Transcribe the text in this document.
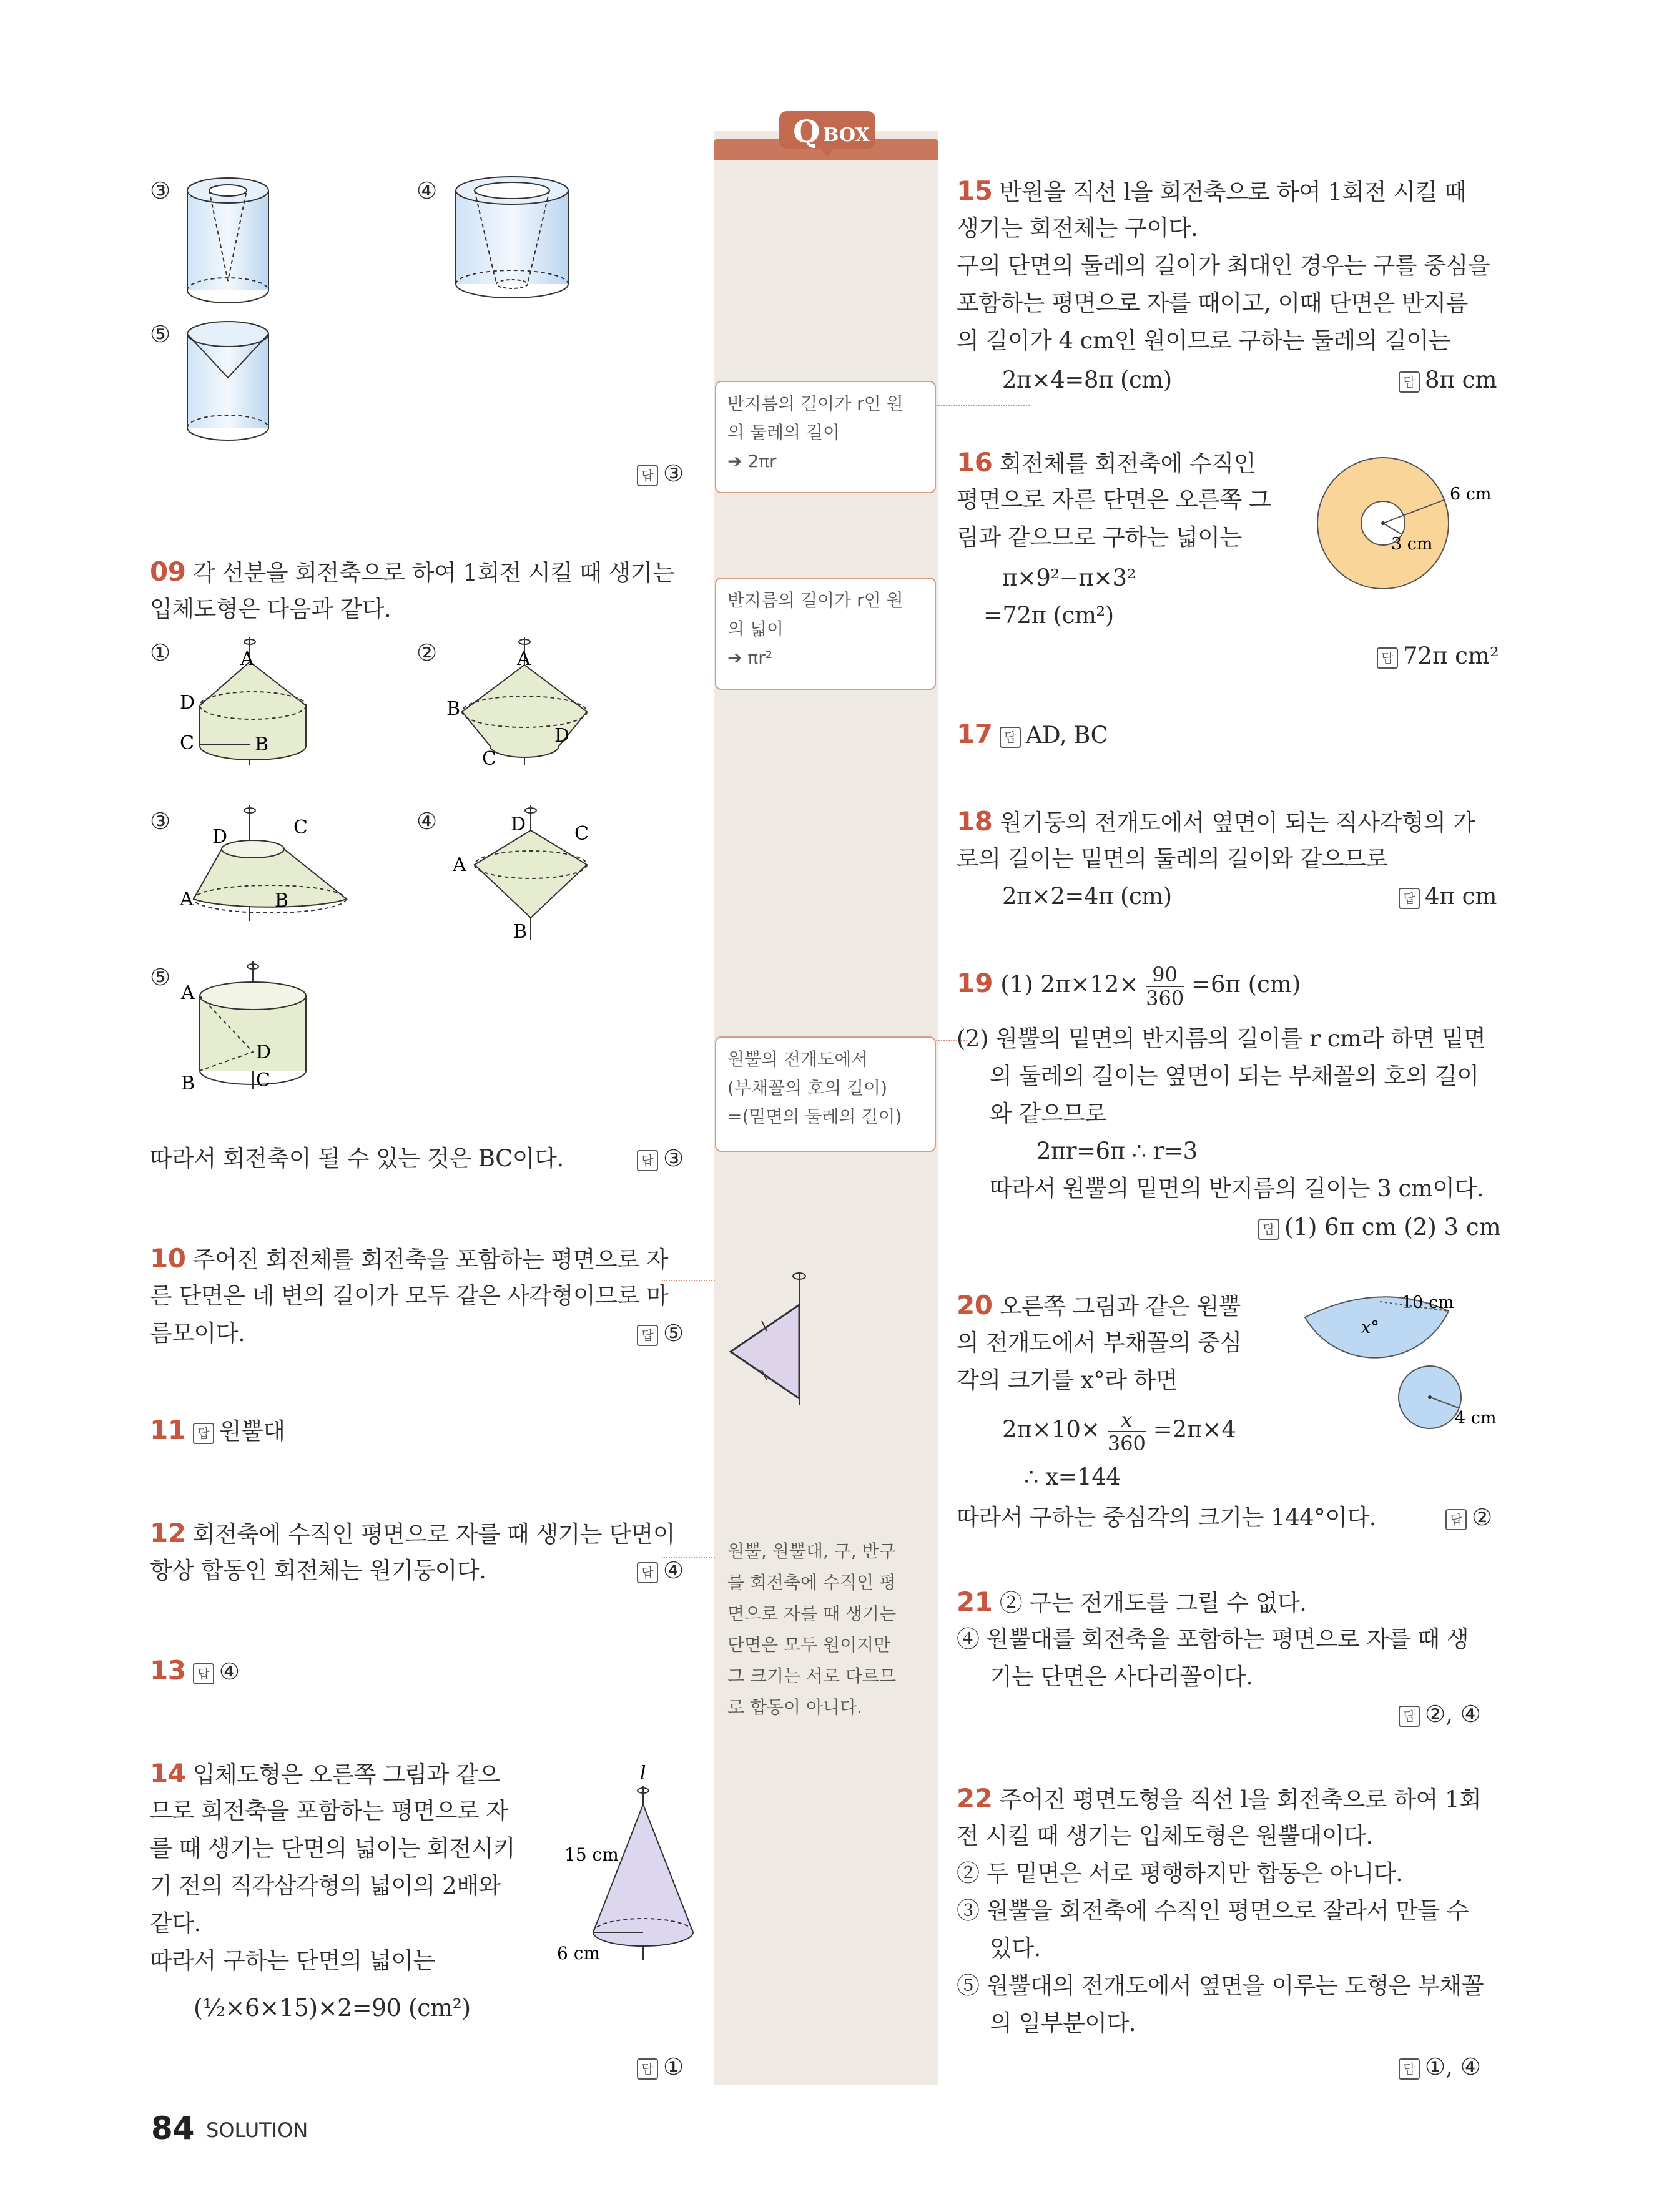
Q BOX
반지름의 길이가 r인 원
의 둘레의 길이
➔ 2πr
반지름의 길이가 r인 원
의 넓이
➔ πr²
원뿔의 전개도에서
(부채꼴의 호의 길이)
=(밑면의 둘레의 길이)
원뿔, 원뿔대, 구, 반구
를 회전축에 수직인 평
면으로 자를 때 생기는
단면은 모두 원이지만
그 크기는 서로 다르므
로 합동이 아니다.
③	④
⑤
답 ③
09 각 선분을 회전축으로 하여 1회전 시킬 때 생기는
입체도형은 다음과 같다.
①	A
D
C	B
②	A
B
C
D
③
D	C
A	B
④
A
D	C
B
⑤
A
D
B	C
따라서 회전축이 될 수 있는 것은 BC이다.	답 ③
10 주어진 회전체를 회전축을 포함하는 평면으로 자
른 단면은 네 변의 길이가 모두 같은 사각형이므로 마
름모이다.	답 ⑤
11 답 원뿔대
12 회전축에 수직인 평면으로 자를 때 생기는 단면이
항상 합동인 회전체는 원기둥이다.	답 ④
13 답 ④
14 입체도형은 오른쪽 그림과 같으
므로 회전축을 포함하는 평면으로 자
를 때 생기는 단면의 넓이는 회전시키
기 전의 직각삼각형의 넓이의 2배와
같다.
따라서 구하는 단면의 넓이는
(½×6×15)×2=90 (cm²)
l
15 cm
6 cm
답 ①
15 반원을 직선 l을 회전축으로 하여 1회전 시킬 때
생기는 회전체는 구이다.
구의 단면의 둘레의 길이가 최대인 경우는 구를 중심을
포함하는 평면으로 자를 때이고, 이때 단면은 반지름
의 길이가 4 cm인 원이므로 구하는 둘레의 길이는
2π×4=8π (cm)	답 8π cm
16 회전체를 회전축에 수직인
평면으로 자른 단면은 오른쪽 그
림과 같으므로 구하는 넓이는
π×9²−π×3²
=72π (cm²)
6 cm
3 cm
답 72π cm²
17 답 AD, BC
18 원기둥의 전개도에서 옆면이 되는 직사각형의 가
로의 길이는 밑면의 둘레의 길이와 같으므로
2π×2=4π (cm)	답 4π cm
19 (1) $2\pi\times 12\times \frac{90}{360} =6\pi$ (cm)
(2) 원뿔의 밑면의 반지름의 길이를 r cm라 하면 밑면
의 둘레의 길이는 옆면이 되는 부채꼴의 호의 길이
와 같으므로
2πr=6π ∴ r=3
따라서 원뿔의 밑면의 반지름의 길이는 3 cm이다.
답 (1) 6π cm (2) 3 cm
20 오른쪽 그림과 같은 원뿔
의 전개도에서 부채꼴의 중심
각의 크기를 x°라 하면
$2\pi\times 10\times \frac{x}{360} =2\pi\times 4$
∴ x=144
따라서 구하는 중심각의 크기는 144°이다.
10 cm
x°
4 cm
답 ②
21 ② 구는 전개도를 그릴 수 없다.
④ 원뿔대를 회전축을 포함하는 평면으로 자를 때 생
기는 단면은 사다리꼴이다.
답 ②, ④
22 주어진 평면도형을 직선 l을 회전축으로 하여 1회
전 시킬 때 생기는 입체도형은 원뿔대이다.
② 두 밑면은 서로 평행하지만 합동은 아니다.
③ 원뿔을 회전축에 수직인 평면으로 잘라서 만들 수
있다.
⑤ 원뿔대의 전개도에서 옆면을 이루는 도형은 부채꼴
의 일부분이다.
답 ①, ④
84 SOLUTION
